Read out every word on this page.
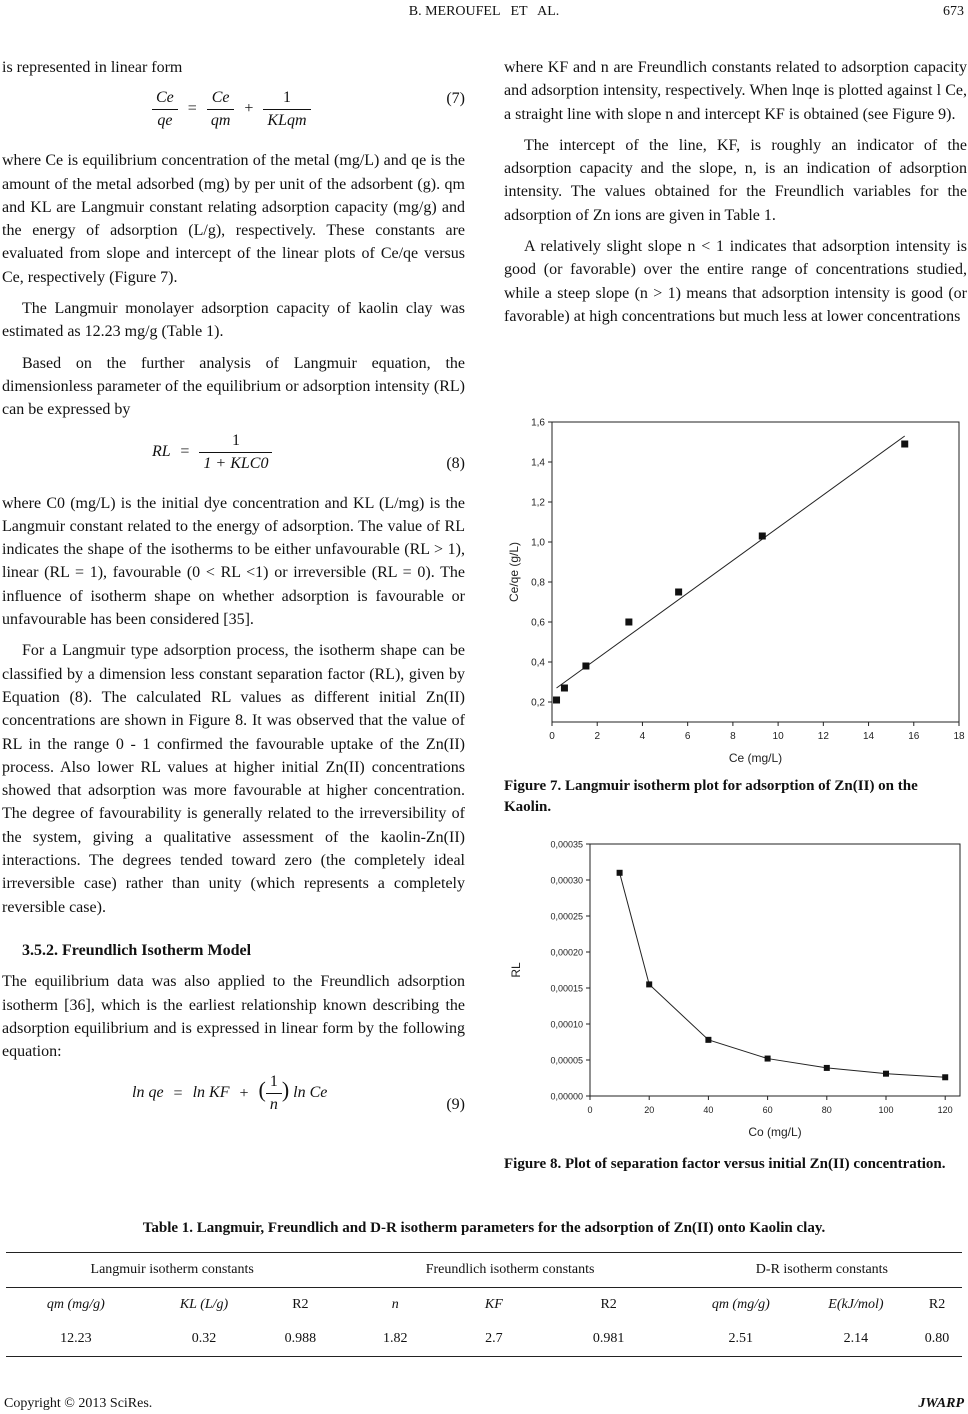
B. MEROUFEL   ET   AL.	673

is represented in linear form

$\frac{Ce}{qe} = \frac{Ce}{qm} + \frac{1}{\text{KLqm}}$	(7)

where Ce is equilibrium concentration of the metal (mg/L) and qe is the amount of the metal adsorbed (mg) by per unit of the adsorbent (g). qm and KL are Langmuir constant relating adsorption capacity (mg/g) and the energy of adsorption (L/g), respectively. These constants are evaluated from slope and intercept of the linear plots of Ce/qe versus Ce, respectively (Figure 7).

The Langmuir monolayer adsorption capacity of kaolin clay was estimated as 12.23 mg/g (Table 1).

Based on the further analysis of Langmuir equation, the dimensionless parameter of the equilibrium or adsorption intensity (RL) can be expressed by

RL = $\frac{1}{\text{1 + KLC0}}$	(8)

where C0 (mg/L) is the initial dye concentration and KL (L/mg) is the Langmuir constant related to the energy of adsorption. The value of RL indicates the shape of the isotherms to be either unfavourable (RL > 1), linear (RL = 1), favourable (0 < RL <1) or irreversible (RL = 0). The influence of isotherm shape on whether adsorption is favourable or unfavourable has been considered [35].

For a Langmuir type adsorption process, the isotherm shape can be classified by a dimension less constant separation factor (RL), given by Equation (8). The calculated RL values as different initial Zn(II) concentrations are shown in Figure 8. It was observed that the value of RL in the range 0 - 1 confirmed the favourable uptake of the Zn(II) process. Also lower RL values at higher initial Zn(II) concentrations showed that adsorption was more favourable at higher concentration. The degree of favourability is generally related to the irreversibility of the system, giving a qualitative assessment of the kaolin-Zn(II) interactions. The degrees tended toward zero (the completely ideal irreversible case) rather than unity (which represents a completely reversible case).

3.5.2. Freundlich Isotherm Model

The equilibrium data was also applied to the Freundlich adsorption isotherm [36], which is the earliest relationship known describing the adsorption equilibrium and is expressed in linear form by the following equation:

ln qe = ln KF + ( $\frac{1}{n}$ ) ln Ce
(9)

where KF and n are Freundlich constants related to adsorption capacity and adsorption intensity, respectively. When lnqe is plotted against l Ce, a straight line with slope n and intercept KF is obtained (see Figure 9).

The intercept of the line, KF, is roughly an indicator of the adsorption capacity and the slope, n, is an indication of adsorption intensity. The values obtained for the Freundlich variables for the adsorption of Zn ions are given in Table 1.

A relatively slight slope n < 1 indicates that adsorption intensity is good (or favorable) over the entire range of concentrations studied, while a steep slope (n > 1) means that adsorption intensity is good (or favorable) at high concentrations but much less at lower concentrations

0	2	4	6	8	10	12	14	16	18
0,2
0,4
0,6
0,8
1,0
1,2
1,4
1,6
Ce (mg/L)
Ce/qe (g/L)
Figure 7. Langmuir isotherm plot for adsorption of Zn(II) on the Kaolin.
0	20	40	60	80	100	120
0,00000
0,00005
0,00010
0,00015
0,00020
0,00025
0,00030
0,00035
Co (mg/L)
RL
Figure 8. Plot of separation factor versus initial Zn(II) concentration.
Table 1. Langmuir, Freundlich and D-R isotherm parameters for the adsorption of Zn(II) onto Kaolin clay.
Langmuir isotherm constants			Freundlich isotherm constants			D-R isotherm constants		
qm (mg/g)	KL (L/g)	R2	n	KF	R2	qm (mg/g)	E(kJ/mol)	R2
12.23	0.32	0.988	1.82	2.7	0.981	2.51	2.14	0.80
Copyright © 2013 SciRes.	JWARP
